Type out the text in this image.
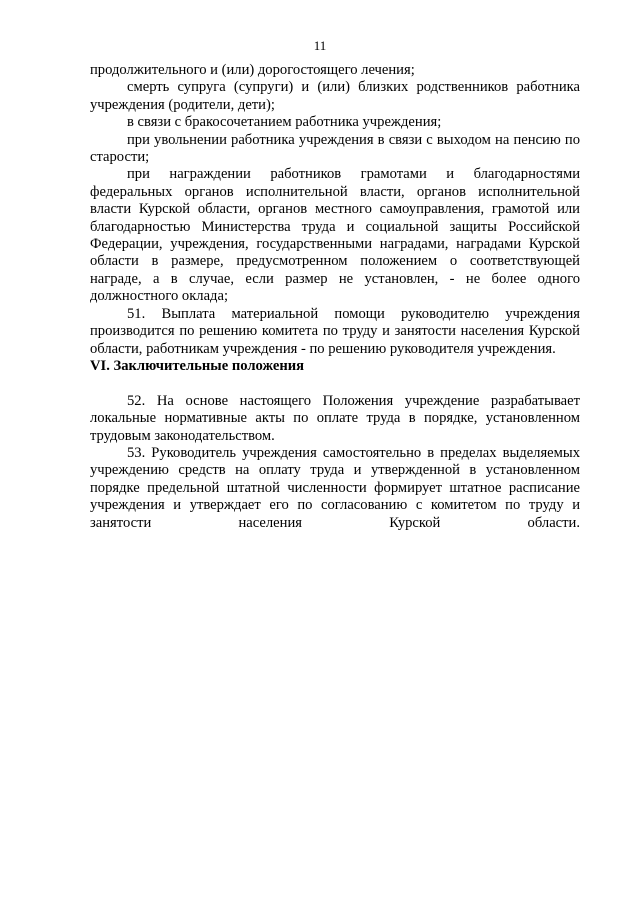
11

продолжительного и (или) дорогостоящего лечения;

смерть супруга (супруги) и (или) близких родственников работника учреждения (родители, дети);

в связи с бракосочетанием работника учреждения;

при увольнении работника учреждения в связи с выходом на пенсию по старости;

при награждении работников грамотами и благодарностями федеральных органов исполнительной власти, органов исполнительной власти Курской области, органов местного самоуправления, грамотой или благодарностью Министерства труда и социальной защиты Российской Федерации, учреждения, государственными наградами, наградами Курской области в размере, предусмотренном положением о соответствующей награде, а в случае, если размер не установлен, - не более одного должностного оклада;

51. Выплата материальной помощи руководителю учреждения производится по решению комитета по труду и занятости населения Курской области, работникам учреждения - по решению руководителя учреждения.

VI. Заключительные положения

52. На основе настоящего Положения учреждение разрабатывает локальные нормативные акты по оплате труда в порядке, установленном трудовым законодательством.

53. Руководитель учреждения самостоятельно в пределах выделяемых учреждению средств на оплату труда и утвержденной в установленном порядке предельной штатной численности формирует штатное расписание учреждения и утверждает его по согласованию с комитетом по труду и занятости населения Курской области.
